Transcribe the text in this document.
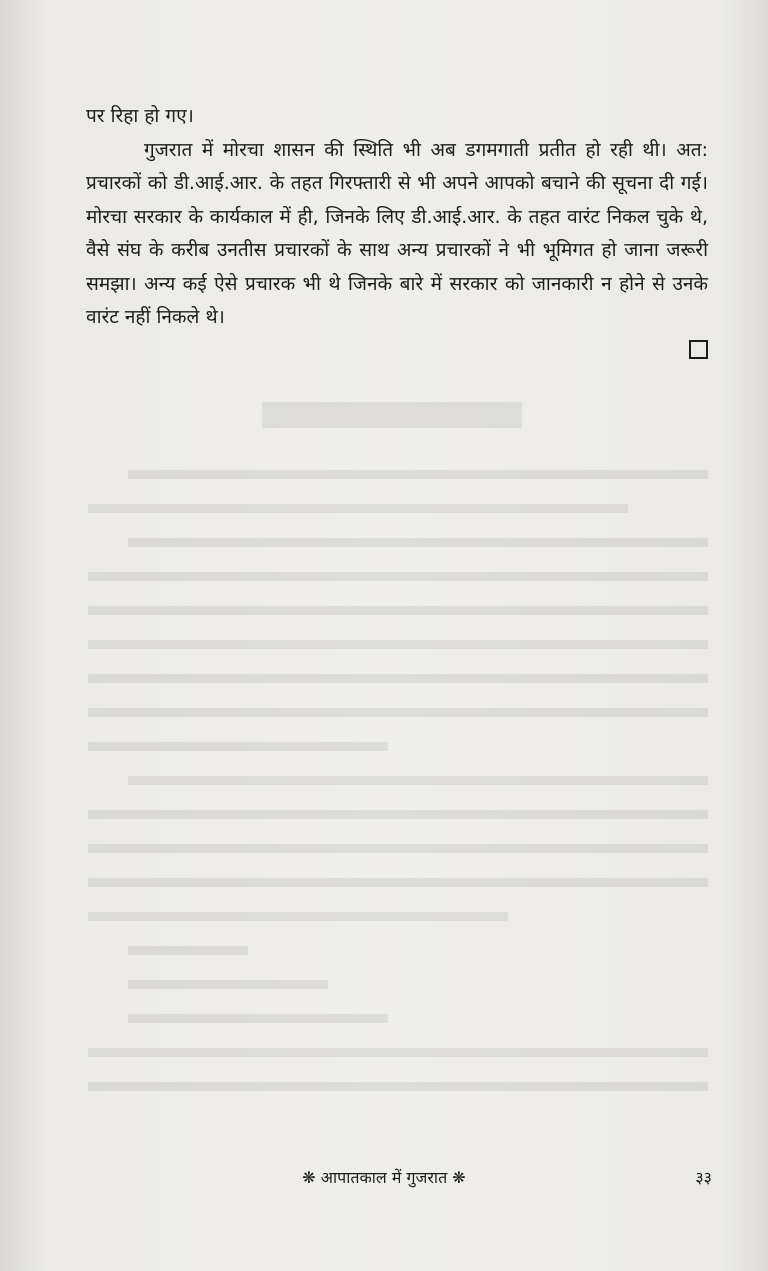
पर रिहा हो गए।

गुजरात में मोरचा शासन की स्थिति भी अब डगमगाती प्रतीत हो रही थी। अत: प्रचारकों को डी.आई.आर. के तहत गिरफ्तारी से भी अपने आपको बचाने की सूचना दी गई। मोरचा सरकार के कार्यकाल में ही, जिनके लिए डी.आई.आर. के तहत वारंट निकल चुके थे, वैसे संघ के करीब उनतीस प्रचारकों के साथ अन्य प्रचारकों ने भी भूमिगत हो जाना जरूरी समझा। अन्य कई ऐसे प्रचारक भी थे जिनके बारे में सरकार को जानकारी न होने से उनके वारंट नहीं निकले थे।

❋ आपातकाल में गुजरात ❋	३३
